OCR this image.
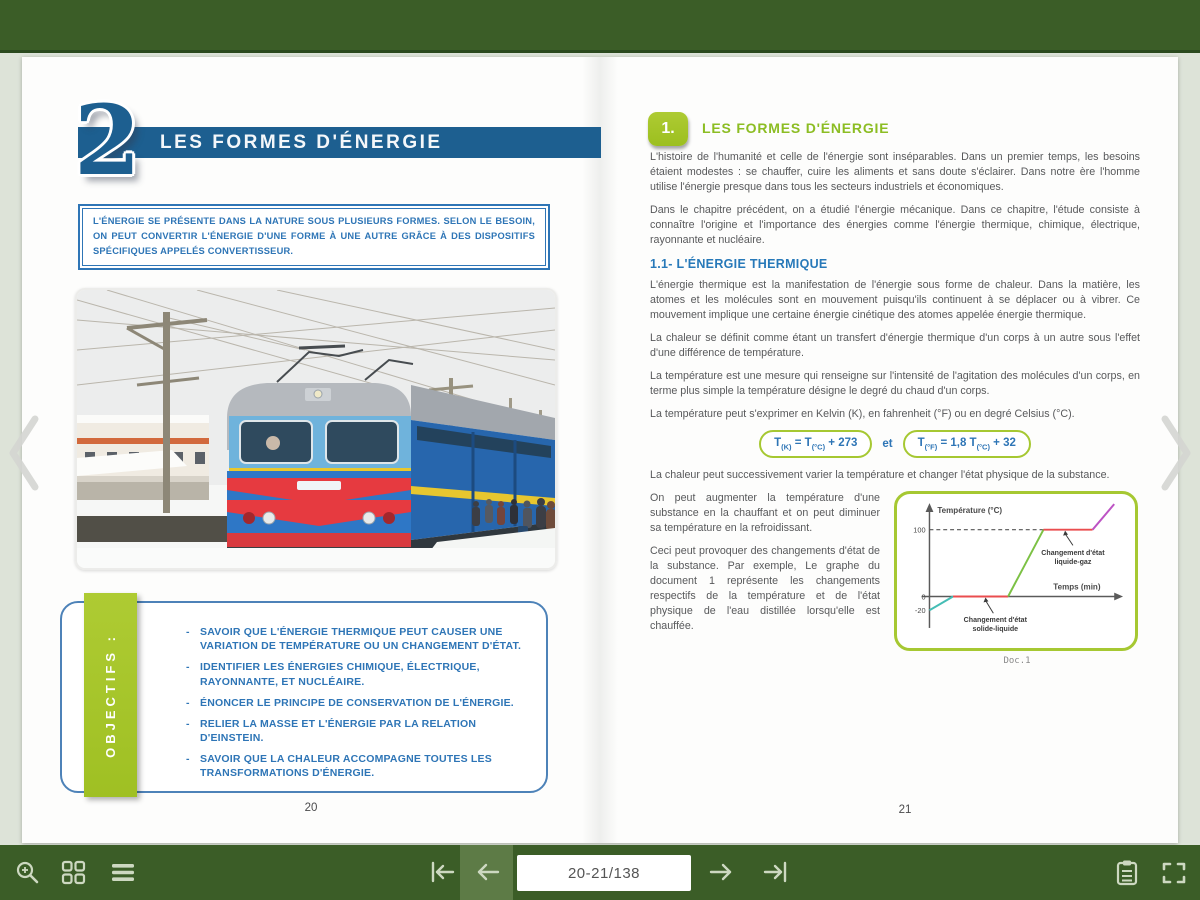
LES FORMES D'ÉNERGIE
2
L'ÉNERGIE SE PRÉSENTE DANS LA NATURE SOUS PLUSIEURS FORMES. SELON LE BESOIN, ON PEUT CONVERTIR L'ÉNERGIE D'UNE FORME À UNE AUTRE GRÂCE À DES DISPOSITIFS SPÉCIFIQUES APPELÉS CONVERTISSEUR.
- SAVOIR QUE L'ÉNERGIE THERMIQUE PEUT CAUSER UNE VARIATION DE TEMPÉRATURE OU UN CHANGEMENT D'ÉTAT.
- IDENTIFIER LES ÉNERGIES CHIMIQUE, ÉLECTRIQUE, RAYONNANTE, ET NUCLÉAIRE.
- ÉNONCER LE PRINCIPE DE CONSERVATION DE L'ÉNERGIE.
- RELIER LA MASSE ET L'ÉNERGIE PAR LA RELATION D'EINSTEIN.
- SAVOIR QUE LA CHALEUR ACCOMPAGNE TOUTES LES TRANSFORMATIONS D'ÉNERGIE.
OBJECTIFS :
20
1.	LES FORMES D'ÉNERGIE

L'histoire de l'humanité et celle de l'énergie sont inséparables. Dans un premier temps, les besoins étaient modestes : se chauffer, cuire les aliments et sans doute s'éclairer. Dans notre ère l'homme utilise l'énergie presque dans tous les secteurs industriels et économiques.

Dans le chapitre précédent, on a étudié l'énergie mécanique. Dans ce chapitre, l'étude consiste à connaître l'origine et l'importance des énergies comme l'énergie thermique, chimique, électrique, rayonnante et nucléaire.

1.1- L'ÉNERGIE THERMIQUE

L'énergie thermique est la manifestation de l'énergie sous forme de chaleur. Dans la matière, les atomes et les molécules sont en mouvement puisqu'ils continuent à se déplacer ou à vibrer. Ce mouvement implique une certaine énergie cinétique des atomes appelée énergie thermique.

La chaleur se définit comme étant un transfert d'énergie thermique d'un corps à un autre sous l'effet d'une différence de température.

La température est une mesure qui renseigne sur l'intensité de l'agitation des molécules d'un corps, en terme plus simple la température désigne le degré du chaud d'un corps.

La température peut s'exprimer en Kelvin (K), en fahrenheit (°F) ou en degré Celsius (°C).

$T_{(K)} = T_{(^\circ C)} + 273$	et	$T_{(^\circ F)} = 1,8$ $T_{(^\circ C)} + 32$

La chaleur peut successivement varier la température et changer l'état physique de la substance.

On peut augmenter la température d'une substance en la chauffant et on peut diminuer sa température en la refroidissant.

Ceci peut provoquer des changements d'état de la substance. Par exemple, Le graphe du document 1 représente les changements respectifs de la température et de l'état physique de l'eau distillée lorsqu'elle est chauffée.

Température (°C)
Temps (min)
100
0
-20
Changement d'état
solide-liquide
Changement d'état
liquide-gaz
Doc.1
21
20-21/138
